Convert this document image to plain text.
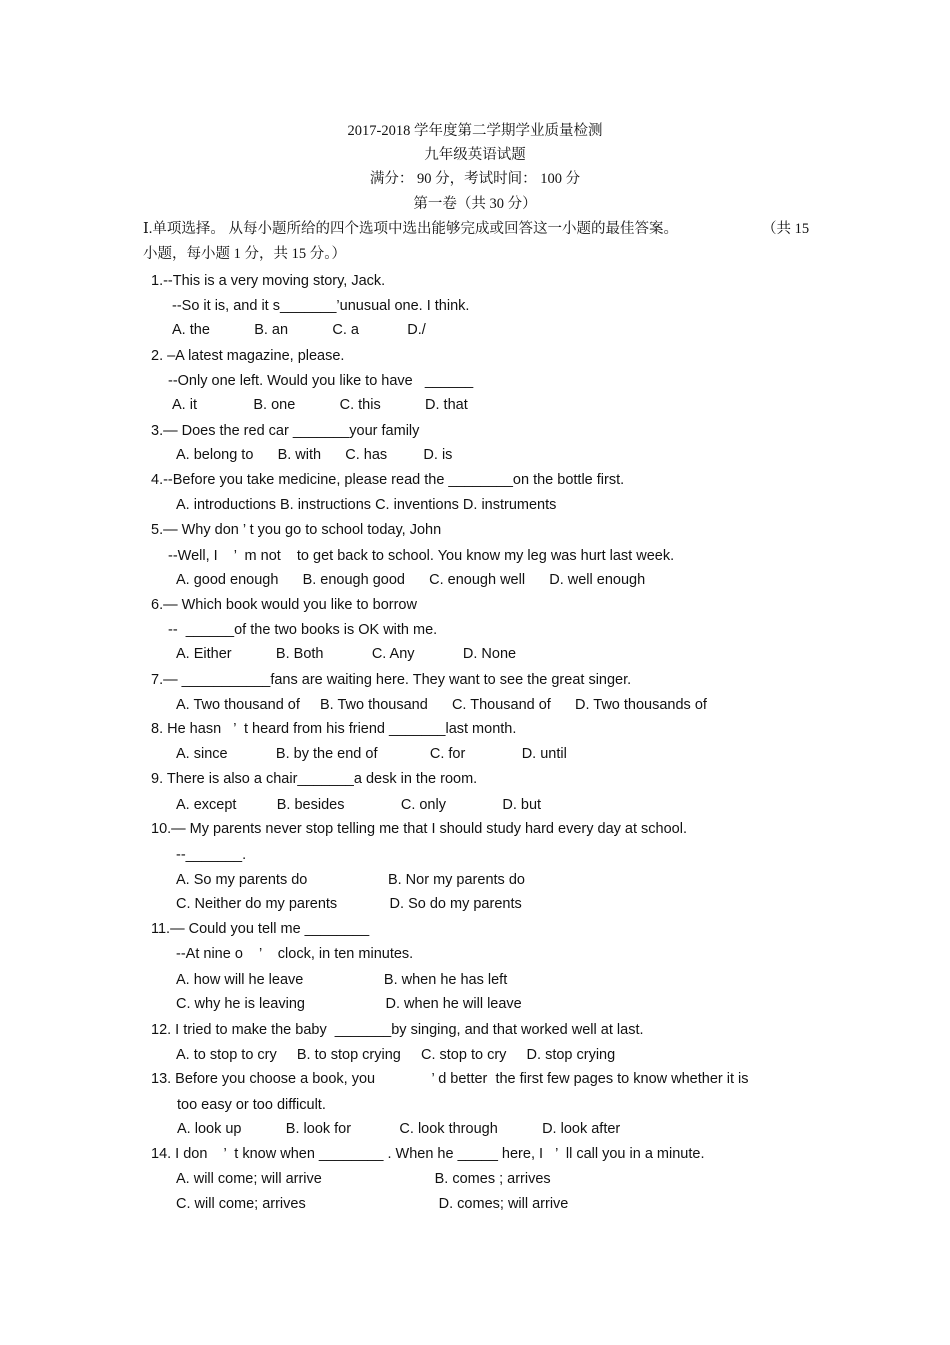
2017-2018 学年度第二学期学业质量检测
九年级英语试题
满分： 90 分，考试时间： 100 分
第一卷（共 30 分）
Ⅰ.单项选择。 从每小题所给的四个选项中选出能够完成或回答这一小题的最佳答案。	（共 15
小题，每小题 1 分，共 15 分。）
1.--This is a very moving story, Jack.
--So it is, and it s_______’unusual one. I think.
A. the           B. an           C. a            D./
2. –A latest magazine, please.
--Only one left. Would you like to have   ______
A. it              B. one           C. this           D. that
3.— Does the red car _______your family
A. belong to      B. with      C. has         D. is
4.--Before you take medicine, please read the ________on the bottle first.
A. introductions B. instructions C. inventions D. instruments
5.— Why don ’ t you go to school today, John
--Well, I    ’  m not    to get back to school. You know my leg was hurt last week.
A. good enough      B. enough good      C. enough well      D. well enough
6.— Which book would you like to borrow
--  ______of the two books is OK with me.
A. Either           B. Both            C. Any            D. None
7.— ___________fans are waiting here. They want to see the great singer.
A. Two thousand of     B. Two thousand      C. Thousand of      D. Two thousands of
8. He hasn   ’  t heard from his friend _______last month.
A. since            B. by the end of             C. for              D. until
9. There is also a chair_______a desk in the room.
A. except          B. besides              C. only              D. but
10.— My parents never stop telling me that I should study hard every day at school.
--_______.
A. So my parents do                    B. Nor my parents do
C. Neither do my parents             D. So do my parents
11.— Could you tell me ________
--At nine o    ’    clock, in ten minutes.
A. how will he leave                    B. when he has left
C. why he is leaving                    D. when he will leave
12. I tried to make the baby  _______by singing, and that worked well at last.
A. to stop to cry     B. to stop crying     C. stop to cry     D. stop crying
13. Before you choose a book, you              ’ d better  the first few pages to know whether it is
too easy or too difficult.
A. look up           B. look for            C. look through           D. look after
14. I don    ’  t know when ________ . When he _____ here, I   ’  ll call you in a minute.
A. will come; will arrive                            B. comes ; arrives
C. will come; arrives                                 D. comes; will arrive
